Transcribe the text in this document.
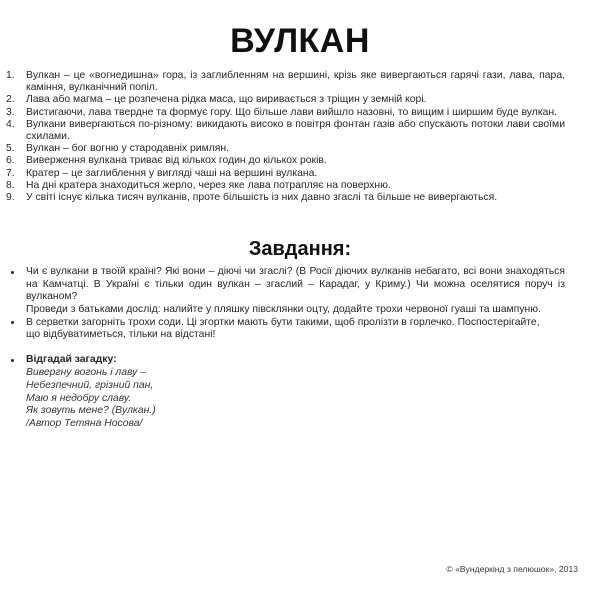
ВУЛКАН
1.	Вулкан – це «вогнедишна» гора, із заглибленням на вершині, крізь яке вивергаються гарячі гази, лава, пара, каміння, вулканічний попіл.
2.	Лава або магма – це розпечена рідка маса, що виривається з тріщин у земній корі.
3.	Вистигаючи, лава твердне та формує гору. Що більше лави вийшло назовні, то вищим і ширшим буде вулкан.
4.	Вулкани вивергаються по-різному: викидають високо в повітря фонтан газів або спускають потоки лави своїми схилами.
5.	Вулкан – бог вогню у стародавніх римлян.
6.	Виверження вулкана триває від кількох годин до кількох років.
7.	Кратер – це заглиблення у вигляді чаші на вершині вулкана.
8.	На дні кратера знаходиться жерло, через яке лава потрапляє на поверхню.
9.	У світі існує кілька тисяч вулканів, проте більшість із них давно згаслі та більше не вивергаються.
Завдання:
Чи є вулкани в твоїй країні? Які вони – діючі чи згаслі? (В Росії діючих вулканів небагато, всі вони знаходяться на Камчатці. В Україні є тільки один вулкан – згаслий – Карадаг, у Криму.) Чи можна оселятися поруч із вулканом?
Проведи з батьками дослід: налийте у пляшку півсклянки оцту, додайте трохи червоної гуаші та шампуню.
В серветки загорніть трохи соди. Ці згортки мають бути такими, щоб пролізти в горлечко. Поспостерігайте,
що відбуватиметься, тільки на відстані!
Відгадай загадку:
Вивергну вогонь і лаву –
Небезпечний, грізний пан,
Маю я недобру славу.
Як зовуть мене? (Вулкан.)
/Автор Тетяна Носова/
© «Вундеркінд з пелюшок», 2013
